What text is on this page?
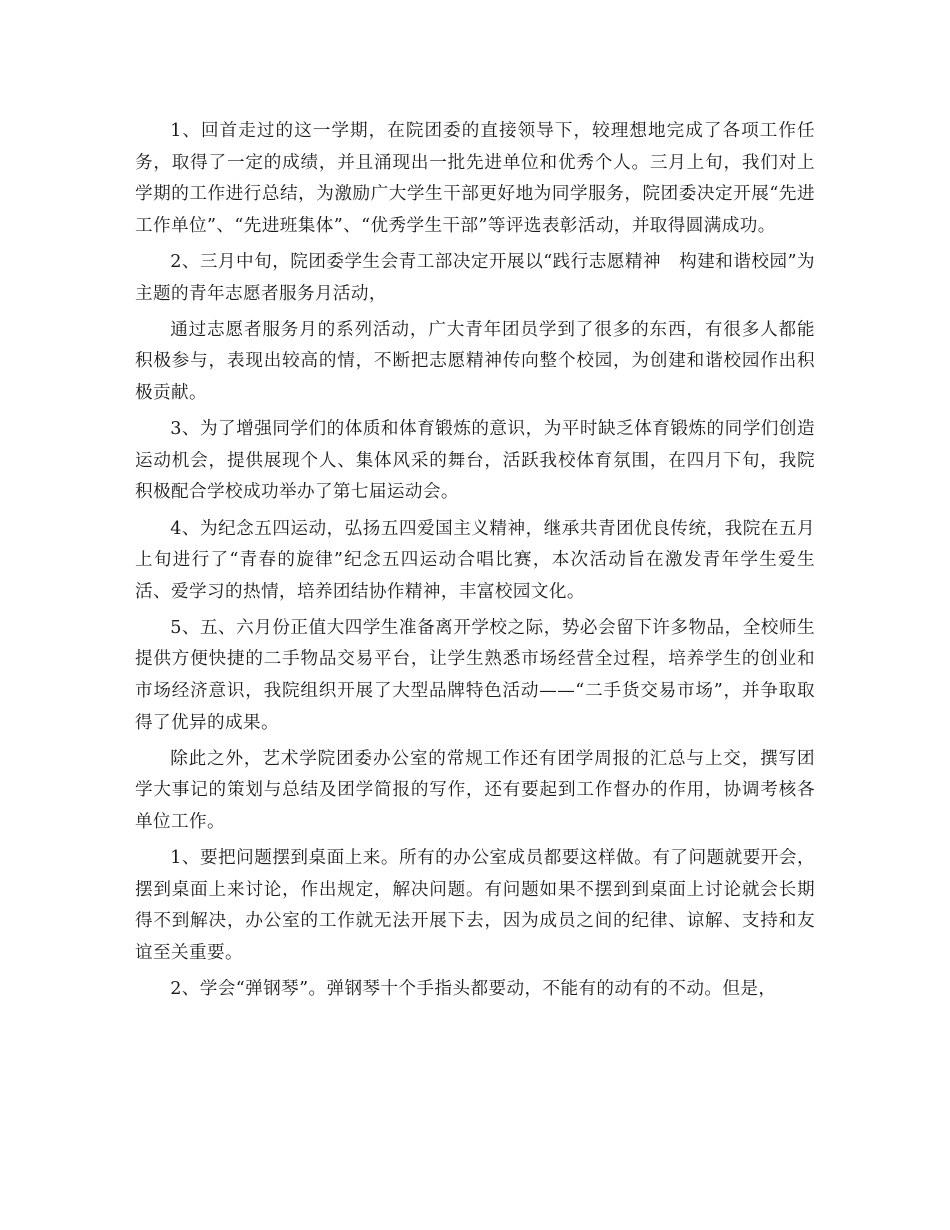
1、回首走过的这一学期，在院团委的直接领导下，较理想地完成了各项工作任务，取得了一定的成绩，并且涌现出一批先进单位和优秀个人。三月上旬，我们对上学期的工作进行总结，为激励广大学生干部更好地为同学服务，院团委决定开展“先进工作单位”、“先进班集体”、“优秀学生干部”等评选表彰活动，并取得圆满成功。

2、三月中旬，院团委学生会青工部决定开展以“践行志愿精神　构建和谐校园”为主题的青年志愿者服务月活动，

通过志愿者服务月的系列活动，广大青年团员学到了很多的东西，有很多人都能积极参与，表现出较高的情，不断把志愿精神传向整个校园，为创建和谐校园作出积极贡献。

3、为了增强同学们的体质和体育锻炼的意识，为平时缺乏体育锻炼的同学们创造运动机会，提供展现个人、集体风采的舞台，活跃我校体育氛围，在四月下旬，我院积极配合学校成功举办了第七届运动会。

4、为纪念五四运动，弘扬五四爱国主义精神，继承共青团优良传统，我院在五月上旬进行了“青春的旋律”纪念五四运动合唱比赛，本次活动旨在激发青年学生爱生活、爱学习的热情，培养团结协作精神，丰富校园文化。

5、五、六月份正值大四学生准备离开学校之际，势必会留下许多物品，全校师生提供方便快捷的二手物品交易平台，让学生熟悉市场经营全过程，培养学生的创业和市场经济意识，我院组织开展了大型品牌特色活动——“二手货交易市场”，并争取取得了优异的成果。

除此之外，艺术学院团委办公室的常规工作还有团学周报的汇总与上交，撰写团学大事记的策划与总结及团学简报的写作，还有要起到工作督办的作用，协调考核各单位工作。

1、要把问题摆到桌面上来。所有的办公室成员都要这样做。有了问题就要开会，摆到桌面上来讨论，作出规定，解决问题。有问题如果不摆到到桌面上讨论就会长期得不到解决，办公室的工作就无法开展下去，因为成员之间的纪律、谅解、支持和友谊至关重要。

2、学会“弹钢琴”。弹钢琴十个手指头都要动，不能有的动有的不动。但是，
